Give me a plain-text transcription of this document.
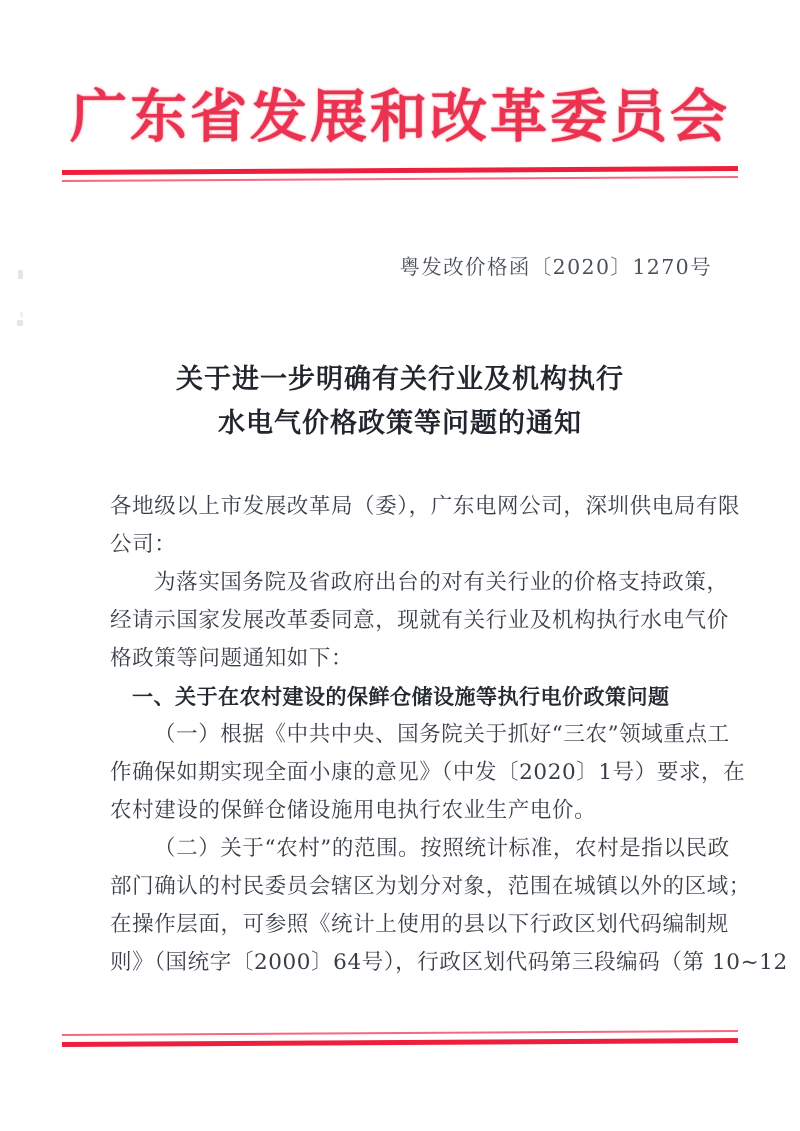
广东省发展和改革委员会
粤发改价格函〔2020〕1270号
关于进一步明确有关行业及机构执行
水电气价格政策等问题的通知

各地级以上市发展改革局（委），广东电网公司，深圳供电局有限
公司：

为落实国务院及省政府出台的对有关行业的价格支持政策，
经请示国家发展改革委同意，现就有关行业及机构执行水电气价
格政策等问题通知如下：

一、关于在农村建设的保鲜仓储设施等执行电价政策问题

（一）根据《中共中央、国务院关于抓好“三农”领域重点工
作确保如期实现全面小康的意见》（中发〔2020〕1号）要求，在
农村建设的保鲜仓储设施用电执行农业生产电价。

（二）关于“农村”的范围。按照统计标准，农村是指以民政
部门确认的村民委员会辖区为划分对象，范围在城镇以外的区域；
在操作层面，可参照《统计上使用的县以下行政区划代码编制规
则》（国统字〔2000〕64号），行政区划代码第三段编码（第 10~12
